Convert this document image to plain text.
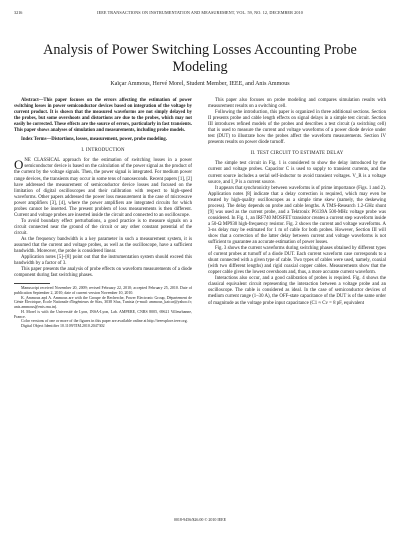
3216	IEEE TRANSACTIONS ON INSTRUMENTATION AND MEASUREMENT, VOL. 59, NO. 12, DECEMBER 2010
Analysis of Power Switching Losses Accounting Probe Modeling
Kaïçar Ammous, Hervé Morel, Student Member, IEEE, and Anis Ammous

Abstract—This paper focuses on the errors affecting the estimation of power switching losses in power semiconductor devices based on integration of the voltage by current product. It is shown that the measured waveforms are not simply delayed by the probes, but some overshoots and distortions are due to the probes, which may not easily be corrected. These effects are the source of errors, particularly in fast transients. This paper shows analyses of simulation and measurements, including probe models.

Index Terms—Distortions, losses, measurement, power, probe modeling.

I. INTRODUCTION

ONE CLASSICAL approach for the estimation of switching losses in a power semiconductor device is based on the calculation of the power signal as the product of the current by the voltage signals. Then, the power signal is integrated. For medium power range devices, the transients may occur in some tens of nanoseconds. Recent papers [1], [2] have addressed the measurement of semiconductor device losses and focused on the limitation of digital oscilloscopes and their calibration with respect to high-speed waveforms. Other papers addressed the power loss measurement in the case of microwave power amplifiers [3], [4], where the power amplifiers are integrated circuits for which probes cannot be inserted. The present problem of loss measurements is then different. Current and voltage probes are inserted inside the circuit and connected to an oscilloscope.

To avoid boundary effect perturbations, a good practice is to measure signals on a circuit connected near the ground of the circuit or any other constant potential of the circuit.

As the frequency bandwidth is a key parameter in such a measurement system, it is assumed that the current and voltage probes, as well as the oscilloscope, have a sufficient bandwidth. Moreover, the probe is considered linear.

Application notes [5]–[8] point out that the instrumentation system should exceed this bandwidth by a factor of 3.

This paper presents the analysis of probe effects on waveform measurements of a diode component during fast switching phases.

Manuscript received November 20, 2009; revised February 22, 2010; accepted February 25, 2010. Date of publication September 2, 2010; date of current version November 10, 2010.

K. Ammous and A. Ammous are with the Groupe de Recherche, Power Electronic Group, Département de Génie Électrique, École Nationale d'Ingénieurs de Sfax, 3038 Sfax, Tunisia (e-mail: ammous_kaicar@yahoo.fr; anis.ammous@enis.rnu.tn).

H. Morel is with the Université de Lyon, INSA-Lyon, Lab. AMPERE, CNRS 8005, 69621 Villeurbanne, France.

Color versions of one or more of the figures in this paper are available online at http://ieeexplore.ieee.org.

Digital Object Identifier 10.1109/TIM.2010.2047302

This paper also focuses on probe modeling and compares simulation results with measurement results on a switching cell.

Following the introduction, this paper is organized in three additional sections. Section II presents probe and cable length effects on signal delays in a simple test circuit. Section III introduces refined models of the probes and describes a test circuit (a switching cell) that is used to measure the current and voltage waveforms of a power diode device under test (DUT) to illustrate how the probes affect the waveform measurements. Section IV presents results on power diode turnoff.

II. TEST CIRCUIT TO ESTIMATE DELAY

The simple test circuit in Fig. 1 is considered to show the delay introduced by the current and voltage probes. Capacitor C is used to supply to transient currents, and the current source includes a serial self-inductor to avoid transient voltages. V_R is a voltage source, and I_P is a current source.

It appears that synchronicity between waveforms is of prime importance (Figs. 1 and 2). Application notes [8] indicate that a delay correction is required, which may even be treated by high-quality oscilloscopes as a simple time skew (namely, the deskewing process). The delay depends on probe and cable lengths. A TMS-Research 1.2-GHz shunt [9] was used as the current probe, and a Tektronix P6139A 500-MHz voltage probe was considered. In Fig. 1, an IRF740 MOSFET transistor creates a current step waveform inside a 50-Ω MP930 high-frequency resistor. Fig. 2 shows the current and voltage waveforms. A 3-ns delay may be estimated for 1 m of cable for both probes. However, Section III will show that a correction of the latter delay between current and voltage waveforms is not sufficient to guarantee an accurate estimation of power losses.

Fig. 3 shows the current waveforms during switching phases obtained by different types of current probes at turnoff of a diode DUT. Each current waveform case corresponds to a shunt connected with a given type of cable. Two types of cables were used, namely, coaxial (with two different lengths) and rigid coaxial copper cables. Measurements show that the copper cable gives the lowest overshoots and, thus, a more accurate current waveform.

Interactions also occur, and a good calibration of probes is required. Fig. 4 shows the classical equivalent circuit representing the interaction between a voltage probe and an oscilloscope. The cable is considered as ideal. In the case of semiconductor devices of medium current range (1–30 A), the OFF-state capacitance of the DUT is of the same order of magnitude as the voltage probe input capacitance (C1 ≈ Cv = 8 pF, equivalent

0018-9456/$26.00 © 2010 IEEE
